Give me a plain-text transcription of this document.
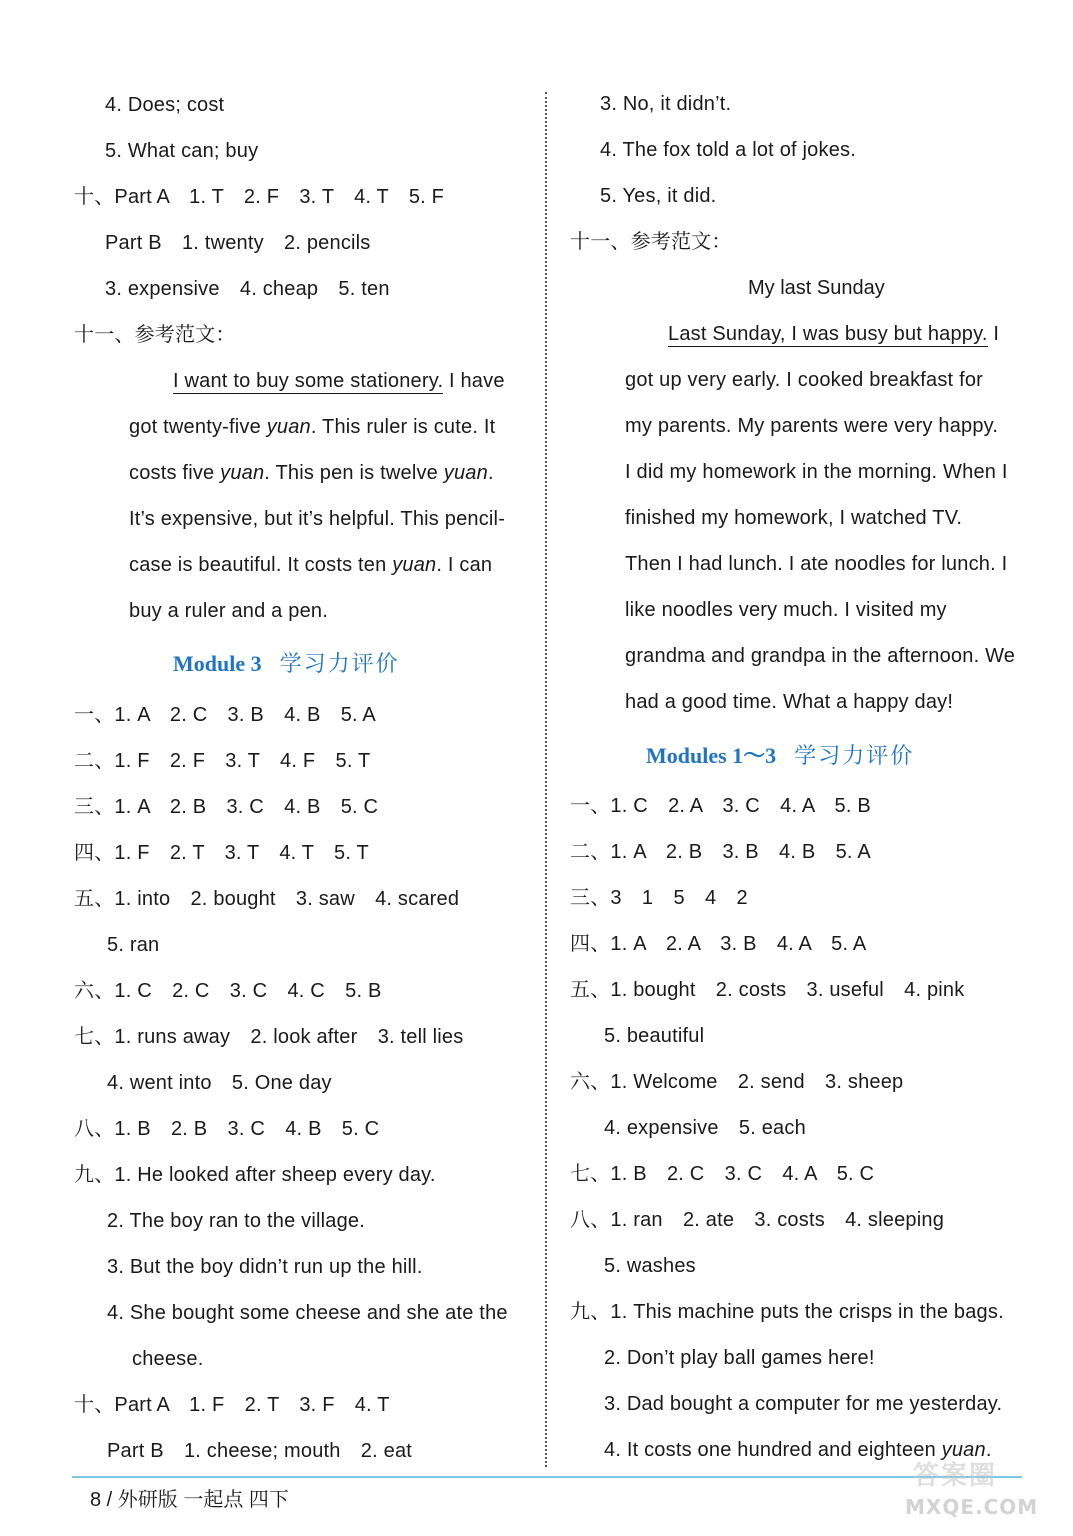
4. Does; cost
5. What can; buy
十、Part A　1. T　2. F　3. T　4. T　5. F
Part B　1. twenty　2. pencils
3. expensive　4. cheap　5. ten
十一、参考范文：
I want to buy some stationery. I have
got twenty-five yuan. This ruler is cute. It
costs five yuan. This pen is twelve yuan.
It’s expensive, but it’s helpful. This pencil-
case is beautiful. It costs ten yuan. I can
buy a ruler and a pen.
Module 3 学习力评价
一、1. A　2. C　3. B　4. B　5. A
二、1. F　2. F　3. T　4. F　5. T
三、1. A　2. B　3. C　4. B　5. C
四、1. F　2. T　3. T　4. T　5. T
五、1. into　2. bought　3. saw　4. scared
5. ran
六、1. C　2. C　3. C　4. C　5. B
七、1. runs away　2. look after　3. tell lies
4. went into　5. One day
八、1. B　2. B　3. C　4. B　5. C
九、1. He looked after sheep every day.
2. The boy ran to the village.
3. But the boy didn’t run up the hill.
4. She bought some cheese and she ate the
cheese.
十、Part A　1. F　2. T　3. F　4. T
Part B　1. cheese; mouth　2. eat
3. No, it didn’t.
4. The fox told a lot of jokes.
5. Yes, it did.
十一、参考范文：
My last Sunday
Last Sunday, I was busy but happy. I
got up very early. I cooked breakfast for
my parents. My parents were very happy.
I did my homework in the morning. When I
finished my homework, I watched TV.
Then I had lunch. I ate noodles for lunch. I
like noodles very much. I visited my
grandma and grandpa in the afternoon. We
had a good time. What a happy day!
Modules 1～3 学习力评价
一、1. C　2. A　3. C　4. A　5. B
二、1. A　2. B　3. B　4. B　5. A
三、3　1　5　4　2
四、1. A　2. A　3. B　4. A　5. A
五、1. bought　2. costs　3. useful　4. pink
5. beautiful
六、1. Welcome　2. send　3. sheep
4. expensive　5. each
七、1. B　2. C　3. C　4. A　5. C
八、1. ran　2. ate　3. costs　4. sleeping
5. washes
九、1. This machine puts the crisps in the bags.
2. Don’t play ball games here!
3. Dad bought a computer for me yesterday.
4. It costs one hundred and eighteen yuan.
8 / 外研版 一起点 四下
答案圈
MXQE.COM
